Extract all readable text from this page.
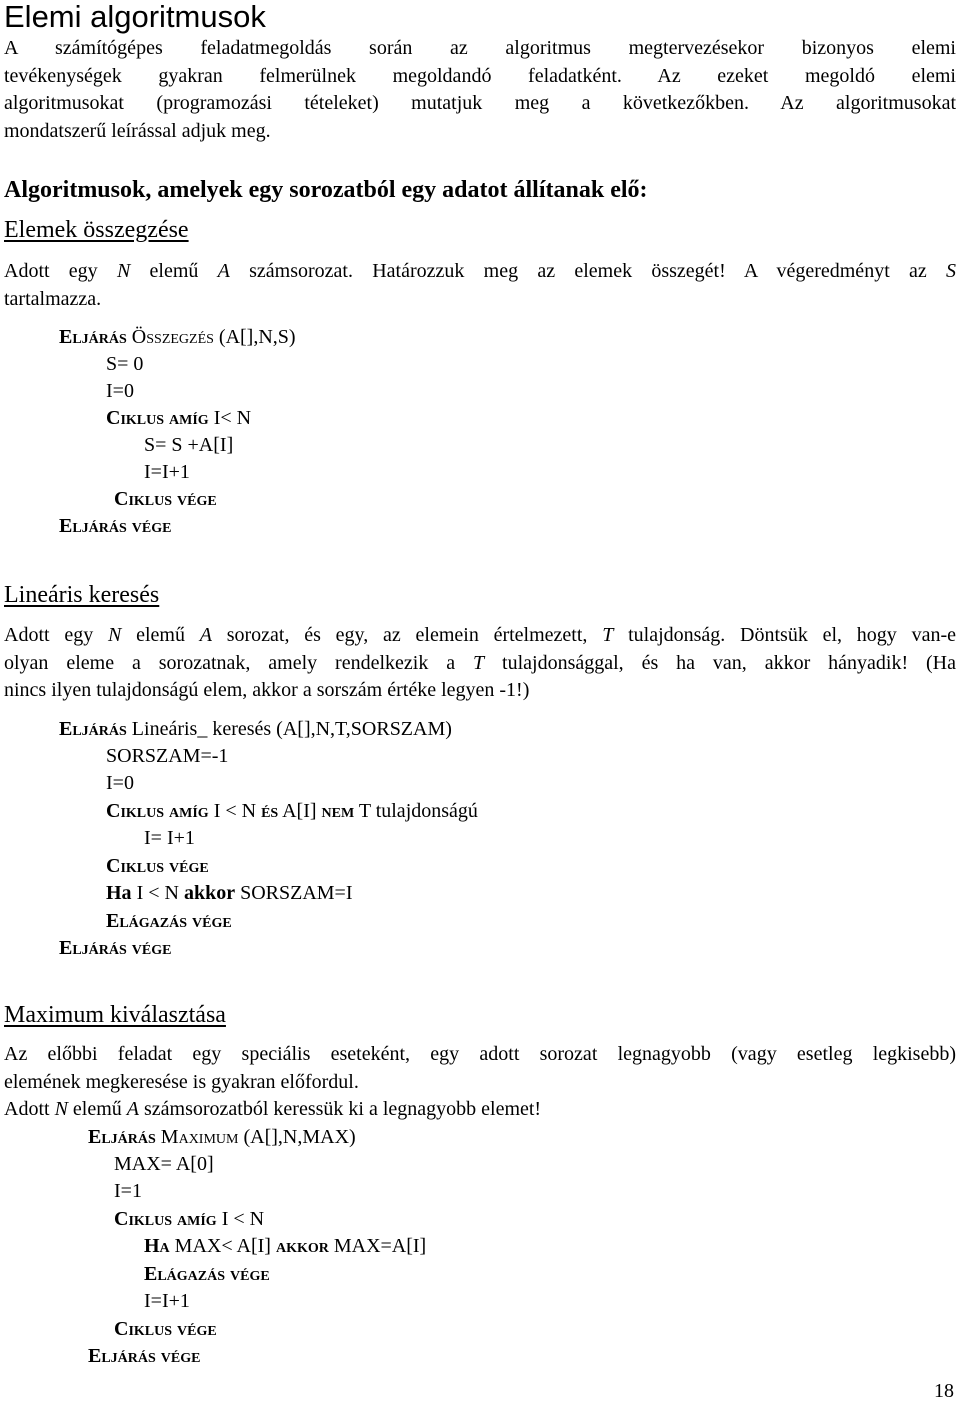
Elemi algoritmusok
A számítógépes feladatmegoldás során az algoritmus megtervezésekor bizonyos elemi
tevékenységek gyakran felmerülnek megoldandó feladatként. Az ezeket megoldó elemi
algoritmusokat (programozási tételeket) mutatjuk meg a következőkben. Az algoritmusokat
mondatszerű leírással adjuk meg.
Algoritmusok, amelyek egy sorozatból egy adatot állítanak elő:
Elemek összegzése
Adott egy N elemű A számsorozat. Határozzuk meg az elemek összegét! A végeredményt az S
tartalmazza.
Eljárás Összegzés (A[],N,S)
S= 0
I=0
Ciklus amíg I< N
S= S +A[I]
I=I+1
Ciklus vége
Eljárás vége
Lineáris keresés
Adott egy N elemű A sorozat, és egy, az elemein értelmezett, T tulajdonság. Döntsük el, hogy van-e
olyan eleme a sorozatnak, amely rendelkezik a T tulajdonsággal, és ha van, akkor hányadik! (Ha
nincs ilyen tulajdonságú elem, akkor a sorszám értéke legyen -1!)
Eljárás Lineáris_ keresés (A[],N,T,SORSZAM)
SORSZAM=-1
I=0
Ciklus amíg I < N és A[I] nem T tulajdonságú
I= I+1
Ciklus vége
Ha I < N akkor SORSZAM=I
Elágazás vége
Eljárás vége
Maximum kiválasztása
Az előbbi feladat egy speciális eseteként, egy adott sorozat legnagyobb (vagy esetleg legkisebb)
elemének megkeresése is gyakran előfordul.
Adott N elemű A számsorozatból keressük ki a legnagyobb elemet!
Eljárás Maximum (A[],N,MAX)
MAX= A[0]
I=1
Ciklus amíg I < N
Ha MAX< A[I] akkor MAX=A[I]
Elágazás vége
I=I+1
Ciklus vége
Eljárás vége
18
